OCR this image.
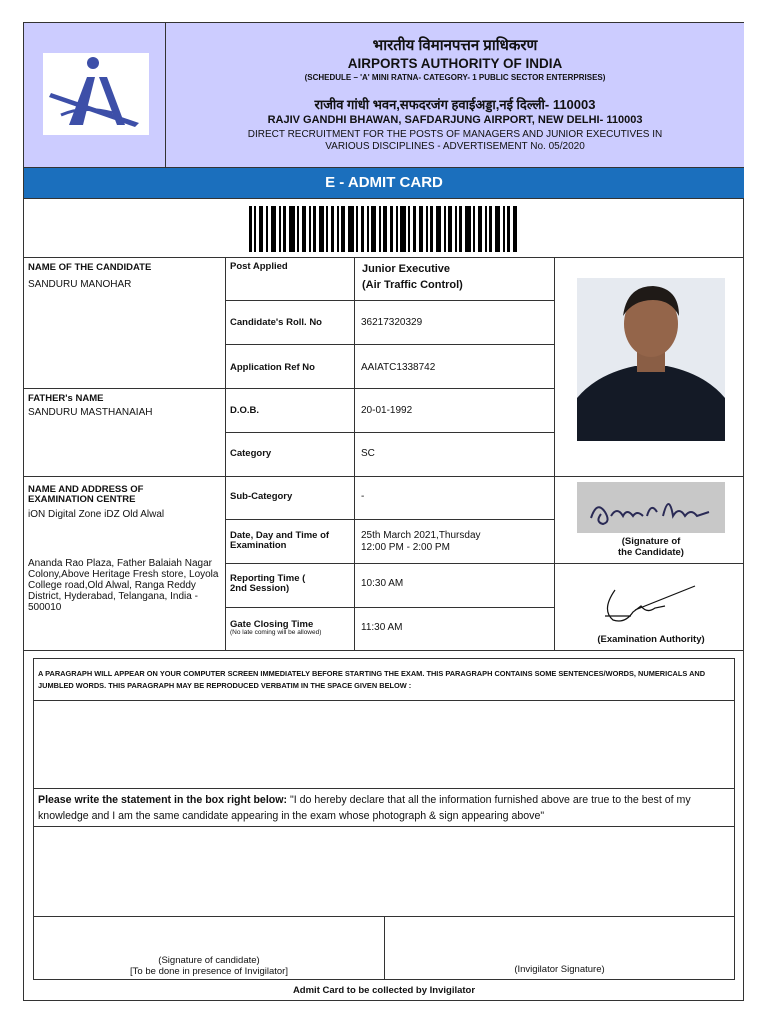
भारतीय विमानपत्तन प्राधिकरण
AIRPORTS AUTHORITY OF INDIA
(SCHEDULE – 'A' MINI RATNA- CATEGORY- 1 PUBLIC SECTOR ENTERPRISES)
राजीव गांधी भवन,सफदरजंग हवाईअड्डा,नई दिल्ली- 110003
RAJIV GANDHI BHAWAN, SAFDARJUNG AIRPORT, NEW DELHI- 110003
DIRECT RECRUITMENT FOR THE POSTS OF MANAGERS AND JUNIOR EXECUTIVES IN
VARIOUS DISCIPLINES - ADVERTISEMENT No. 05/2020
E - ADMIT CARD
NAME OF THE CANDIDATE
SANDURU MANOHAR
FATHER's NAME
SANDURU MASTHANAIAH
NAME AND ADDRESS OF EXAMINATION CENTRE
iON Digital Zone iDZ Old Alwal
Ananda Rao Plaza, Father Balaiah Nagar Colony,Above Heritage Fresh store, Loyola College road,Old Alwal, Ranga Reddy District, Hyderabad, Telangana, India - 500010
Post Applied
Candidate's Roll. No
Application Ref No
D.O.B.
Category
Sub-Category
Date, Day and Time of Examination
Reporting Time ( 2nd Session)
Gate Closing Time
(No late coming will be allowed)
Junior Executive
(Air Traffic Control)
36217320329
AAIATC1338742
20-01-1992
SC
-
25th March 2021,Thursday
12:00 PM - 2:00 PM
10:30 AM
11:30 AM
(Signature of
the Candidate)
(Examination Authority)
A PARAGRAPH WILL APPEAR ON YOUR COMPUTER SCREEN IMMEDIATELY BEFORE STARTING THE EXAM. THIS PARAGRAPH CONTAINS SOME SENTENCES/WORDS, NUMERICALS AND JUMBLED WORDS. THIS PARAGRAPH MAY BE REPRODUCED VERBATIM IN THE SPACE GIVEN BELOW :
Please write the statement in the box right below: "I do hereby declare that all the information furnished above are true to the best of my knowledge and I am the same candidate appearing in the exam whose photograph & sign appearing above"
(Signature of candidate)
[To be done in presence of Invigilator]	(Invigilator Signature)
Admit Card to be collected by Invigilator
